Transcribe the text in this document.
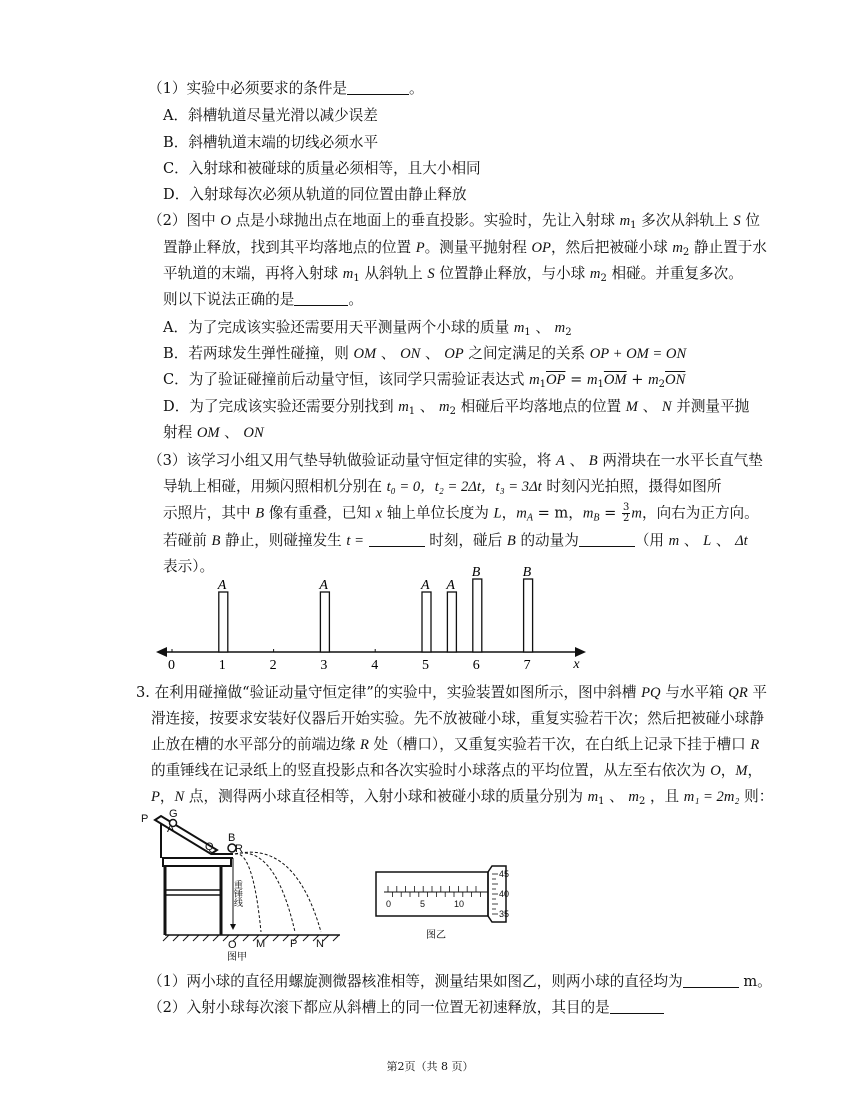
（1）实验中必须要求的条件是	。
A．斜槽轨道尽量光滑以减少误差
B．斜槽轨道末端的切线必须水平
C．入射球和被碰球的质量必须相等，且大小相同
D．入射球每次必须从轨道的同位置由静止释放
（2）图中 O 点是小球抛出点在地面上的垂直投影。实验时，先让入射球 $m_1$ 多次从斜轨上 S 位
置静止释放，找到其平均落地点的位置 P。测量平抛射程 OP，然后把被碰小球 $m_2$ 静止置于水
平轨道的末端，再将入射球 $m_1$ 从斜轨上 S 位置静止释放，与小球 $m_2$ 相碰。并重复多次。
则以下说法正确的是	。
A．为了完成该实验还需要用天平测量两个小球的质量 $m_1$ 、 $m_2$
B．若两球发生弹性碰撞，则 OM 、 ON 、 OP 之间定满足的关系 OP + OM = ON
C．为了验证碰撞前后动量守恒，该同学只需验证表达式 $m_1\overline{OP} = m_1\overline{OM} + m_2\overline{ON}$
D．为了完成该实验还需要分别找到 $m_1$ 、 $m_2$ 相碰后平均落地点的位置 M 、 N 并测量平抛
射程 OM 、 ON
（3）该学习小组又用气垫导轨做验证动量守恒定律的实验，将 A 、 B 两滑块在一水平长直气垫
导轨上相碰，用频闪照相机分别在 t₀ = 0，t₂ = 2Δt，t₃ = 3Δt 时刻闪光拍照，摄得如图所
示照片，其中 B 像有重叠，已知 x 轴上单位长度为 L，$m_A = m$，$m_B = \frac{3}{2}$ m，向右为正方向。
若碰前 B 静止，则碰撞发生 t =	时刻，碰后 B 的动量为	（用 m 、 L 、 Δt
表示）。
0	1	2	3	4	5	6	7	x
A	A	A A
B	B
3. 在利用碰撞做“验证动量守恒定律”的实验中，实验装置如图所示，图中斜槽 PQ 与水平箱 QR 平
滑连接，按要求安装好仪器后开始实验。先不放被碰小球，重复实验若干次；然后把被碰小球静
止放在槽的水平部分的前端边缘 R 处（槽口），又重复实验若干次，在白纸上记录下挂于槽口 R
的重锤线在记录纸上的竖直投影点和各次实验时小球落点的平均位置，从左至右依次为 O，M，
P，N 点，测得两小球直径相等，入射小球和被碰小球的质量分别为 $m_1$ 、 $m_2$ ，且 m₁ = 2m₂ 则：
重锤线
P G
A
Q
B
R
O M P N
图甲
0	5	10
45
40
35
图乙
（1）两小球的直径用螺旋测微器核准相等，测量结果如图乙，则两小球的直径均为	m。
（2）入射小球每次滚下都应从斜槽上的同一位置无初速释放，其目的是
第2页（共 8 页）
